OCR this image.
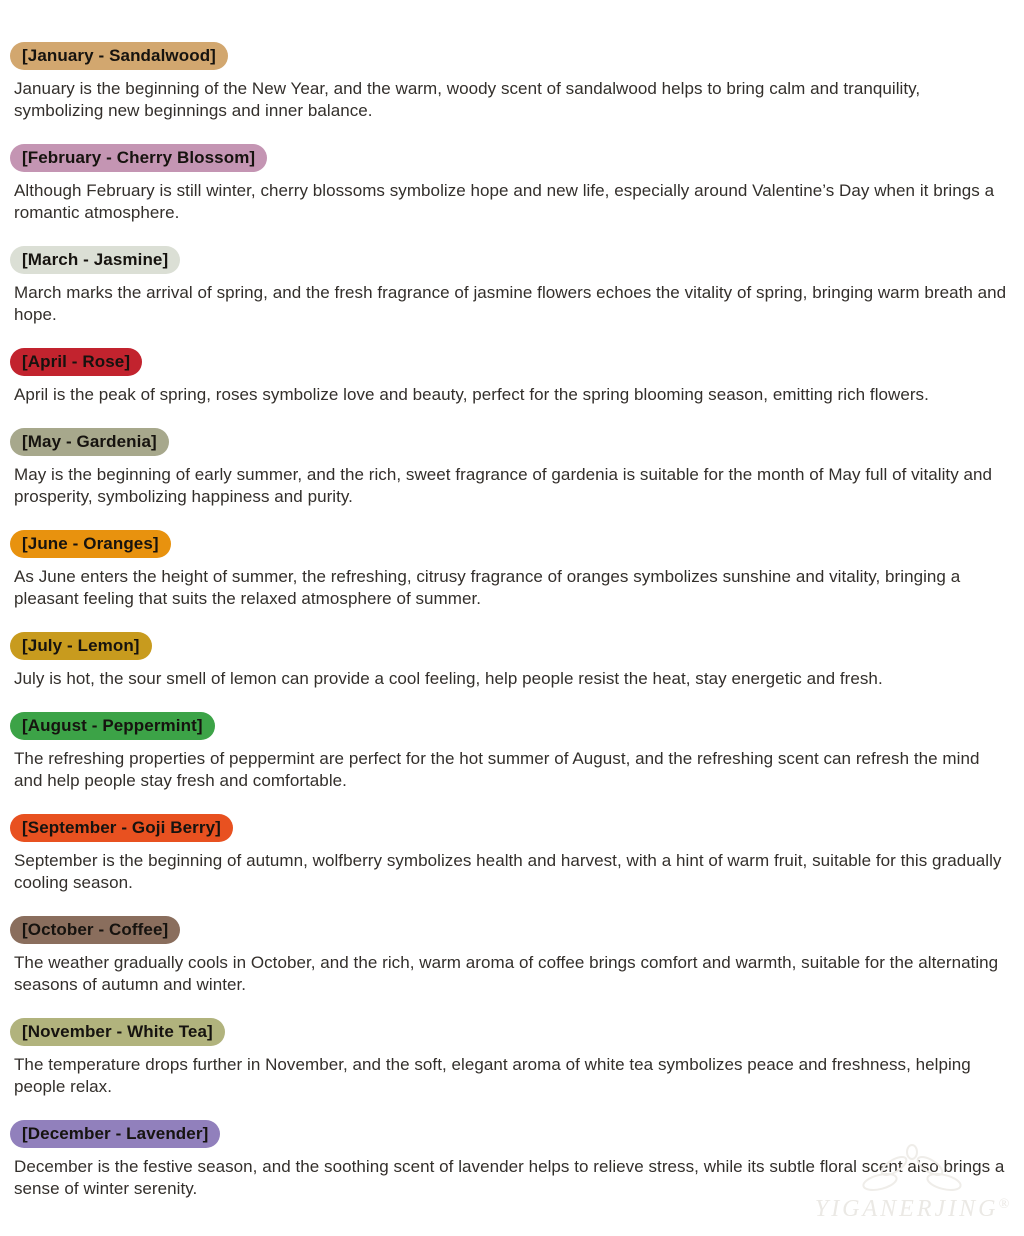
[January - Sandalwood]

January is the beginning of the New Year, and the warm, woody scent of sandalwood helps to bring calm and tranquility, symbolizing new beginnings and inner balance.

[February - Cherry Blossom]

Although February is still winter, cherry blossoms symbolize hope and new life, especially around Valentine’s Day when it brings a romantic atmosphere.

[March - Jasmine]

March marks the arrival of spring, and the fresh fragrance of jasmine flowers echoes the vitality of spring, bringing warm breath and hope.

[April - Rose]

April is the peak of spring, roses symbolize love and beauty, perfect for the spring blooming season, emitting rich flowers.

[May - Gardenia]

May is the beginning of early summer, and the rich, sweet fragrance of gardenia is suitable for the month of May full of vitality and prosperity, symbolizing happiness and purity.

[June - Oranges]

As June enters the height of summer, the refreshing, citrusy fragrance of oranges symbolizes sunshine and vitality, bringing a pleasant feeling that suits the relaxed atmosphere of summer.

[July - Lemon]

July is hot, the sour smell of lemon can provide a cool feeling, help people resist the heat, stay energetic and fresh.

[August - Peppermint]

The refreshing properties of peppermint are perfect for the hot summer of August, and the refreshing scent can refresh the mind and help people stay fresh and comfortable.

[September - Goji Berry]

September is the beginning of autumn, wolfberry symbolizes health and harvest, with a hint of warm fruit, suitable for this gradually cooling season.

[October - Coffee]

The weather gradually cools in October, and the rich, warm aroma of coffee brings comfort and warmth, suitable for the alternating seasons of autumn and winter.

[November - White Tea]

The temperature drops further in November, and the soft, elegant aroma of white tea symbolizes peace and freshness, helping people relax.

[December - Lavender]

December is the festive season, and the soothing scent of lavender helps to relieve stress, while its subtle floral scent also brings a sense of winter serenity.

YIGANERJING®
